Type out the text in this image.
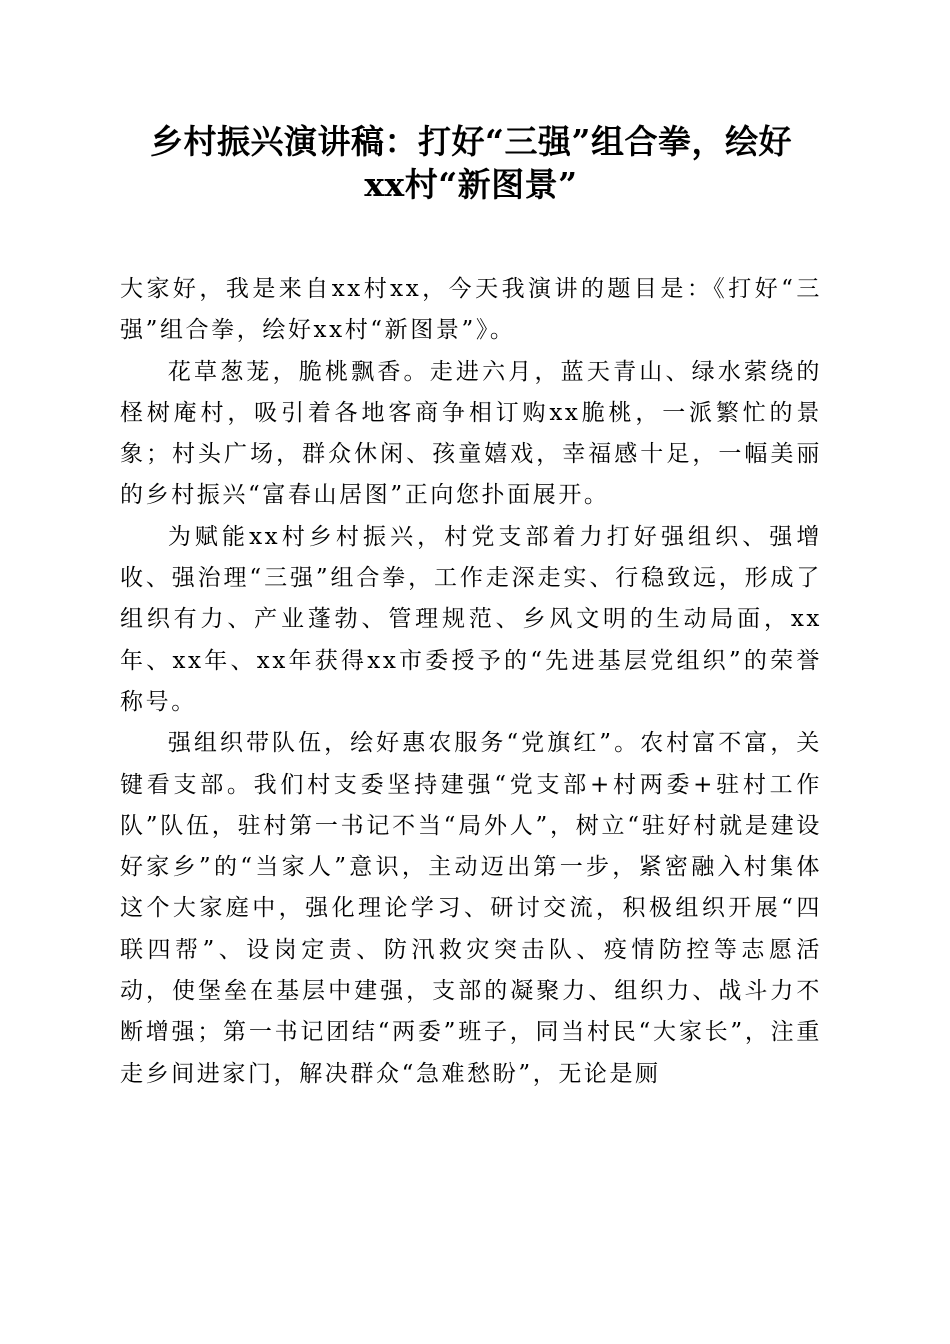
乡村振兴演讲稿：打好“三强”组合拳，绘好
xx村“新图景”

大家好，我是来自xx村xx，今天我演讲的题目是：《打好“三强”组合拳，绘好xx村“新图景”》。

花草葱茏，脆桃飘香。走进六月，蓝天青山、绿水萦绕的柽树庵村，吸引着各地客商争相订购xx脆桃，一派繁忙的景象；村头广场，群众休闲、孩童嬉戏，幸福感十足，一幅美丽的乡村振兴“富春山居图”正向您扑面展开。

为赋能xx村乡村振兴，村党支部着力打好强组织、强增收、强治理“三强”组合拳，工作走深走实、行稳致远，形成了组织有力、产业蓬勃、管理规范、乡风文明的生动局面，xx年、xx年、xx年获得xx市委授予的“先进基层党组织”的荣誉称号。

强组织带队伍，绘好惠农服务“党旗红”。农村富不富，关键看支部。我们村支委坚持建强“党支部+村两委+驻村工作队”队伍，驻村第一书记不当“局外人”，树立“驻好村就是建设好家乡”的“当家人”意识，主动迈出第一步，紧密融入村集体这个大家庭中，强化理论学习、研讨交流，积极组织开展“四联四帮”、设岗定责、防汛救灾突击队、疫情防控等志愿活动，使堡垒在基层中建强，支部的凝聚力、组织力、战斗力不断增强；第一书记团结“两委”班子，同当村民“大家长”，注重走乡间进家门，解决群众“急难愁盼”，无论是厕
